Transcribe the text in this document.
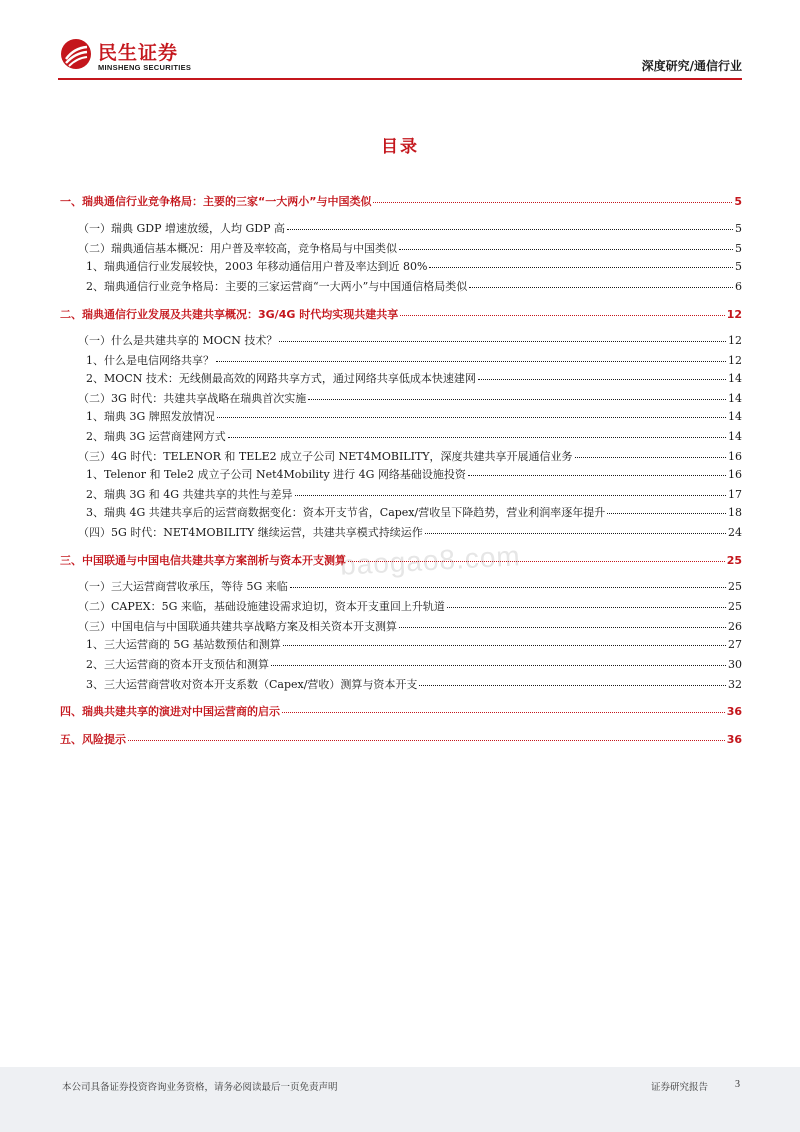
民生证券
MINSHENG SECURITIES	深度研究/通信行业
目录
baogao8.com
一、瑞典通信行业竞争格局：主要的三家“一大两小”与中国类似	5
（一）瑞典 GDP 增速放缓，人均 GDP 高	5
（二）瑞典通信基本概况：用户普及率较高，竞争格局与中国类似	5
1、瑞典通信行业发展较快，2003 年移动通信用户普及率达到近 80%	5
2、瑞典通信行业竞争格局：主要的三家运营商“一大两小”与中国通信格局类似	6
二、瑞典通信行业发展及共建共享概况：3G/4G 时代均实现共建共享	12
（一）什么是共建共享的 MOCN 技术？	12
1、什么是电信网络共享？	12
2、MOCN 技术：无线侧最高效的网路共享方式，通过网络共享低成本快速建网	14
（二）3G 时代：共建共享战略在瑞典首次实施	14
1、瑞典 3G 牌照发放情况	14
2、瑞典 3G 运营商建网方式	14
（三）4G 时代：TELENOR 和 TELE2 成立子公司 NET4MOBILITY，深度共建共享开展通信业务	16
1、Telenor 和 Tele2 成立子公司 Net4Mobility 进行 4G 网络基础设施投资	16
2、瑞典 3G 和 4G 共建共享的共性与差异	17
3、瑞典 4G 共建共享后的运营商数据变化：资本开支节省，Capex/营收呈下降趋势，营业利润率逐年提升	18
（四）5G 时代：NET4MOBILITY 继续运营，共建共享模式持续运作	24
三、中国联通与中国电信共建共享方案剖析与资本开支测算	25
（一）三大运营商营收承压，等待 5G 来临	25
（二）CAPEX：5G 来临，基础设施建设需求迫切，资本开支重回上升轨道	25
（三）中国电信与中国联通共建共享战略方案及相关资本开支测算	26
1、三大运营商的 5G 基站数预估和测算	27
2、三大运营商的资本开支预估和测算	30
3、三大运营商营收对资本开支系数（Capex/营收）测算与资本开支	32
四、瑞典共建共享的演进对中国运营商的启示	36
五、风险提示	36
本公司具备证券投资咨询业务资格，请务必阅读最后一页免责声明	证券研究报告	3
